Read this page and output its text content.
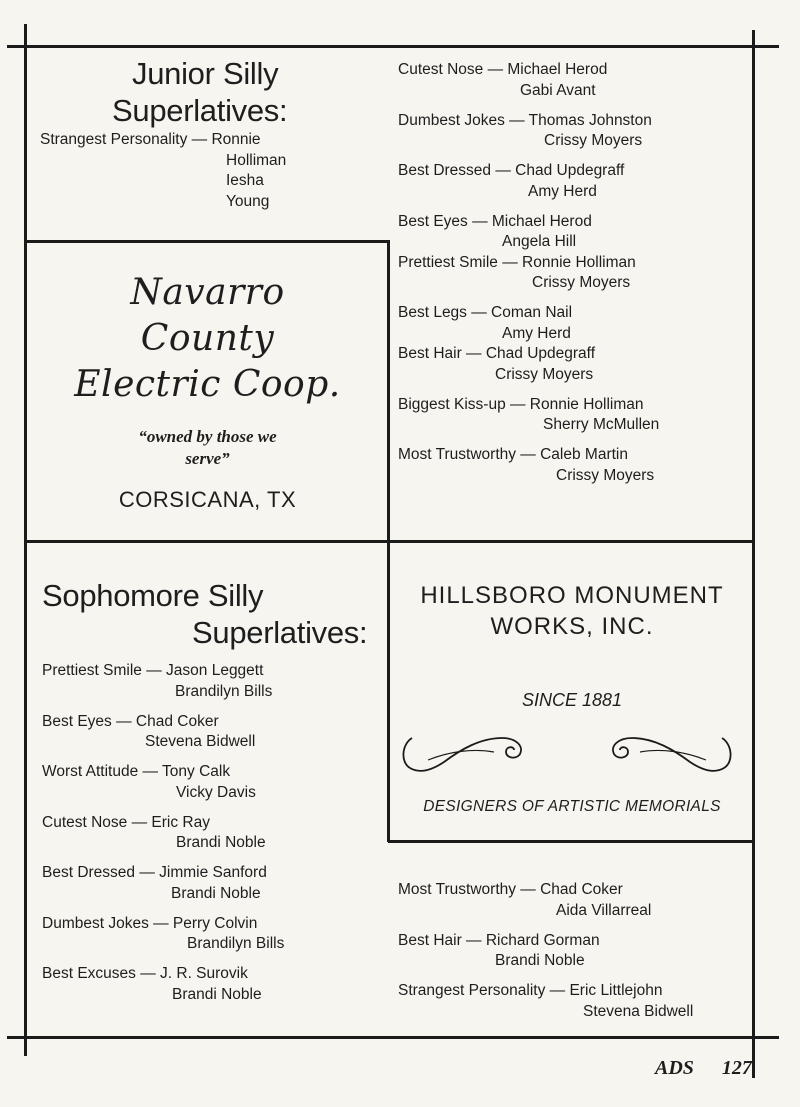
Junior Silly
Superlatives:
Strangest Personality — Ronnie
Holliman
Iesha
Young
Cutest Nose — Michael Herod
Gabi Avant
Dumbest Jokes — Thomas Johnston
Crissy Moyers
Best Dressed — Chad Updegraff
Amy Herd
Best Eyes — Michael Herod
Angela Hill
Prettiest Smile — Ronnie Holliman
Crissy Moyers
Best Legs — Coman Nail
Amy Herd
Best Hair — Chad Updegraff
Crissy Moyers
Biggest Kiss-up — Ronnie Holliman
Sherry McMullen
Most Trustworthy — Caleb Martin
Crissy Moyers
Navarro
County
Electric Coop.
“owned by those we
serve”
CORSICANA, TX
Sophomore Silly
Superlatives:
Prettiest Smile — Jason Leggett
Brandilyn Bills
Best Eyes — Chad Coker
Stevena Bidwell
Worst Attitude — Tony Calk
Vicky Davis
Cutest Nose — Eric Ray
Brandi Noble
Best Dressed — Jimmie Sanford
Brandi Noble
Dumbest Jokes — Perry Colvin
Brandilyn Bills
Best Excuses — J. R. Surovik
Brandi Noble
HILLSBORO MONUMENT
WORKS, INC.
SINCE 1881
DESIGNERS OF ARTISTIC MEMORIALS
Most Trustworthy — Chad Coker
Aida Villarreal
Best Hair — Richard Gorman
Brandi Noble
Strangest Personality — Eric Littlejohn
Stevena Bidwell
ADS 127
